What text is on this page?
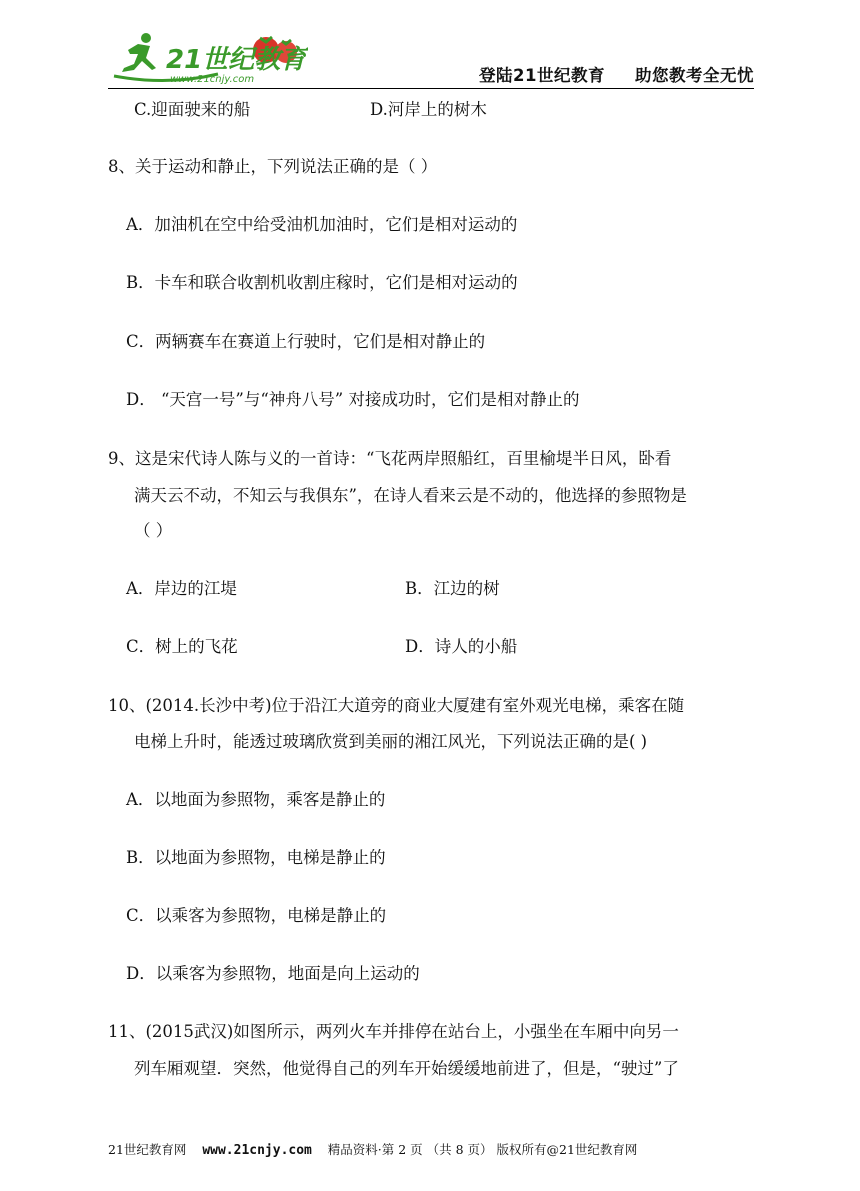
21世纪教育
www.21cnjy.com	登陆21世纪教育 助您教考全无忧
C.迎面驶来的船	D.河岸上的树木
8、关于运动和静止，下列说法正确的是（ ）
A．加油机在空中给受油机加油时，它们是相对运动的
B．卡车和联合收割机收割庄稼时，它们是相对运动的
C．两辆赛车在赛道上行驶时，它们是相对静止的
D． “天宫一号”与“神舟八号” 对接成功时，它们是相对静止的
9、这是宋代诗人陈与义的一首诗：“飞花两岸照船红，百里榆堤半日风，卧看
满天云不动，不知云与我俱东”，在诗人看来云是不动的，他选择的参照物是
（ ）
A．岸边的江堤	B．江边的树
C．树上的飞花	D．诗人的小船
10、(2014.长沙中考)位于沿江大道旁的商业大厦建有室外观光电梯，乘客在随
电梯上升时，能透过玻璃欣赏到美丽的湘江风光，下列说法正确的是( )
A．以地面为参照物，乘客是静止的
B．以地面为参照物，电梯是静止的
C．以乘客为参照物，电梯是静止的
D．以乘客为参照物，地面是向上运动的
11、(2015武汉)如图所示，两列火车并排停在站台上，小强坐在车厢中向另一
列车厢观望．突然，他觉得自己的列车开始缓缓地前进了，但是，“驶过”了
21世纪教育网 www.21cnjy.com 精品资料·第 2 页 （共 8 页） 版权所有@21世纪教育网
